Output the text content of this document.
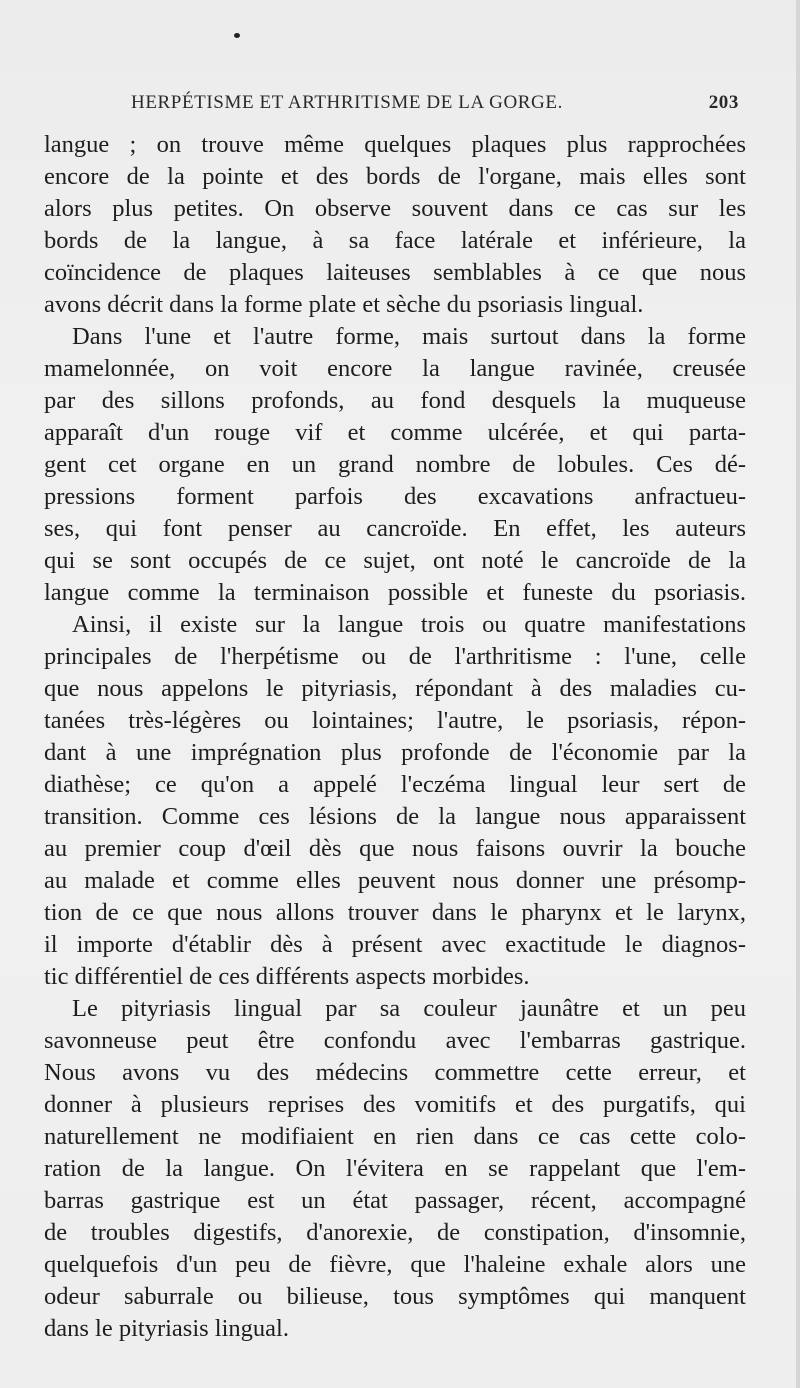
HERPÉTISME ET ARTHRITISME DE LA GORGE.	203
langue ; on trouve même quelques plaques plus rapprochées
encore de la pointe et des bords de l'organe, mais elles sont
alors plus petites. On observe souvent dans ce cas sur les
bords de la langue, à sa face latérale et inférieure, la
coïncidence de plaques laiteuses semblables à ce que nous
avons décrit dans la forme plate et sèche du psoriasis lingual.
Dans l'une et l'autre forme, mais surtout dans la forme
mamelonnée, on voit encore la langue ravinée, creusée
par des sillons profonds, au fond desquels la muqueuse
apparaît d'un rouge vif et comme ulcérée, et qui parta-
gent cet organe en un grand nombre de lobules. Ces dé-
pressions forment parfois des excavations anfractueu-
ses, qui font penser au cancroïde. En effet, les auteurs
qui se sont occupés de ce sujet, ont noté le cancroïde de la
langue comme la terminaison possible et funeste du psoriasis.
Ainsi, il existe sur la langue trois ou quatre manifestations
principales de l'herpétisme ou de l'arthritisme : l'une, celle
que nous appelons le pityriasis, répondant à des maladies cu-
tanées très-légères ou lointaines; l'autre, le psoriasis, répon-
dant à une imprégnation plus profonde de l'économie par la
diathèse; ce qu'on a appelé l'eczéma lingual leur sert de
transition. Comme ces lésions de la langue nous apparaissent
au premier coup d'œil dès que nous faisons ouvrir la bouche
au malade et comme elles peuvent nous donner une présomp-
tion de ce que nous allons trouver dans le pharynx et le larynx,
il importe d'établir dès à présent avec exactitude le diagnos-
tic différentiel de ces différents aspects morbides.
Le pityriasis lingual par sa couleur jaunâtre et un peu
savonneuse peut être confondu avec l'embarras gastrique.
Nous avons vu des médecins commettre cette erreur, et
donner à plusieurs reprises des vomitifs et des purgatifs, qui
naturellement ne modifiaient en rien dans ce cas cette colo-
ration de la langue. On l'évitera en se rappelant que l'em-
barras gastrique est un état passager, récent, accompagné
de troubles digestifs, d'anorexie, de constipation, d'insomnie,
quelquefois d'un peu de fièvre, que l'haleine exhale alors une
odeur saburrale ou bilieuse, tous symptômes qui manquent
dans le pityriasis lingual.
